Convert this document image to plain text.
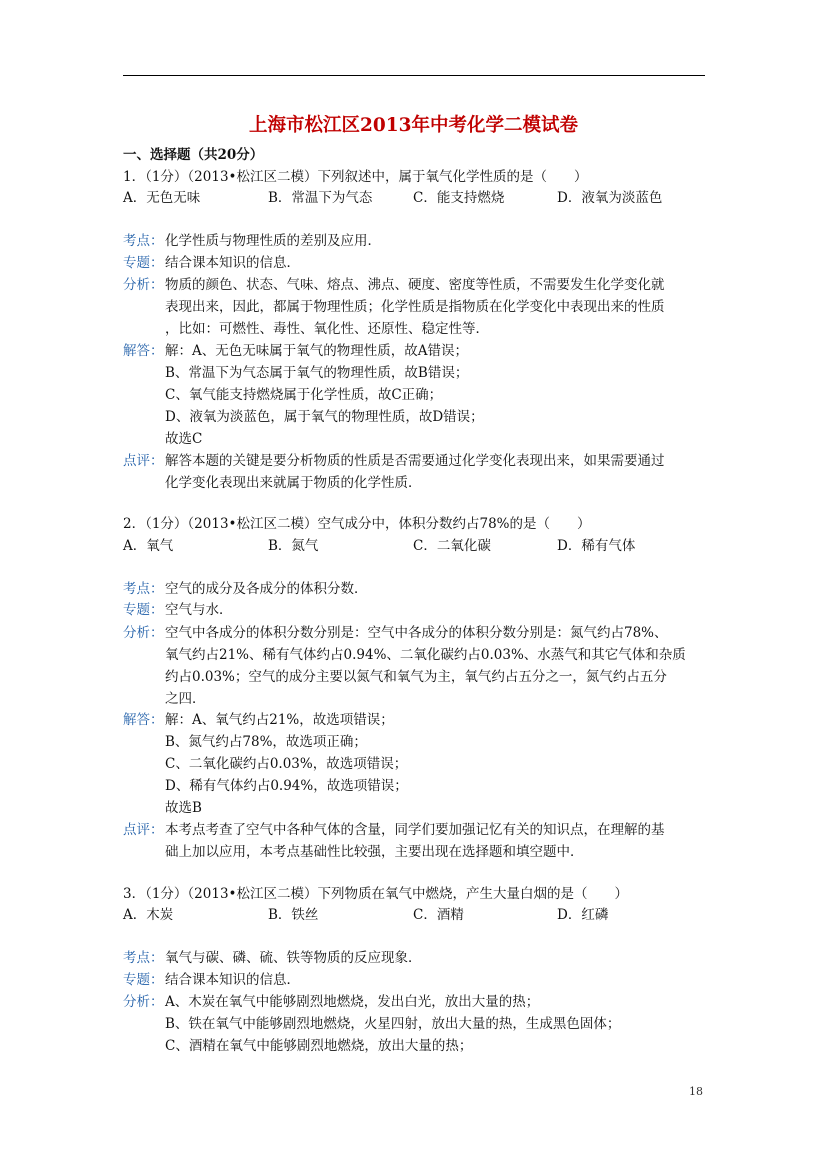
上海市松江区2013年中考化学二模试卷
一、选择题（共20分）
1．（1分）（2013•松江区二模）下列叙述中，属于氧气化学性质的是（　　）
A．无色无味	B．常温下为气态	C．能支持燃烧	D．液氧为淡蓝色
考点： 化学性质与物理性质的差别及应用．
专题： 结合课本知识的信息．
分析： 物质的颜色、状态、气味、熔点、沸点、硬度、密度等性质，不需要发生化学变化就
表现出来，因此，都属于物理性质；化学性质是指物质在化学变化中表现出来的性质
，比如：可燃性、毒性、氧化性、还原性、稳定性等．
解答： 解：A、无色无味属于氧气的物理性质，故A错误；
B、常温下为气态属于氧气的物理性质，故B错误；
C、氧气能支持燃烧属于化学性质，故C正确；
D、液氧为淡蓝色，属于氧气的物理性质，故D错误；
故选C
点评： 解答本题的关键是要分析物质的性质是否需要通过化学变化表现出来，如果需要通过
化学变化表现出来就属于物质的化学性质．
2．（1分）（2013•松江区二模）空气成分中，体积分数约占78%的是（　　）
A．氧气	B．氮气	C．二氧化碳	D．稀有气体
考点： 空气的成分及各成分的体积分数．
专题： 空气与水．
分析： 空气中各成分的体积分数分别是：空气中各成分的体积分数分别是：氮气约占78%、
氧气约占21%、稀有气体约占0.94%、二氧化碳约占0.03%、水蒸气和其它气体和杂质
约占0.03%；空气的成分主要以氮气和氧气为主，氧气约占五分之一，氮气约占五分
之四．
解答： 解：A、氧气约占21%，故选项错误；
B、氮气约占78%，故选项正确；
C、二氧化碳约占0.03%，故选项错误；
D、稀有气体约占0.94%，故选项错误；
故选B
点评： 本考点考查了空气中各种气体的含量，同学们要加强记忆有关的知识点，在理解的基
础上加以应用，本考点基础性比较强，主要出现在选择题和填空题中．
3．（1分）（2013•松江区二模）下列物质在氧气中燃烧，产生大量白烟的是（　　）
A．木炭	B．铁丝	C．酒精	D．红磷
考点： 氧气与碳、磷、硫、铁等物质的反应现象．
专题： 结合课本知识的信息．
分析： A、木炭在氧气中能够剧烈地燃烧，发出白光，放出大量的热；
B、铁在氧气中能够剧烈地燃烧，火星四射，放出大量的热，生成黑色固体；
C、酒精在氧气中能够剧烈地燃烧，放出大量的热；
18
